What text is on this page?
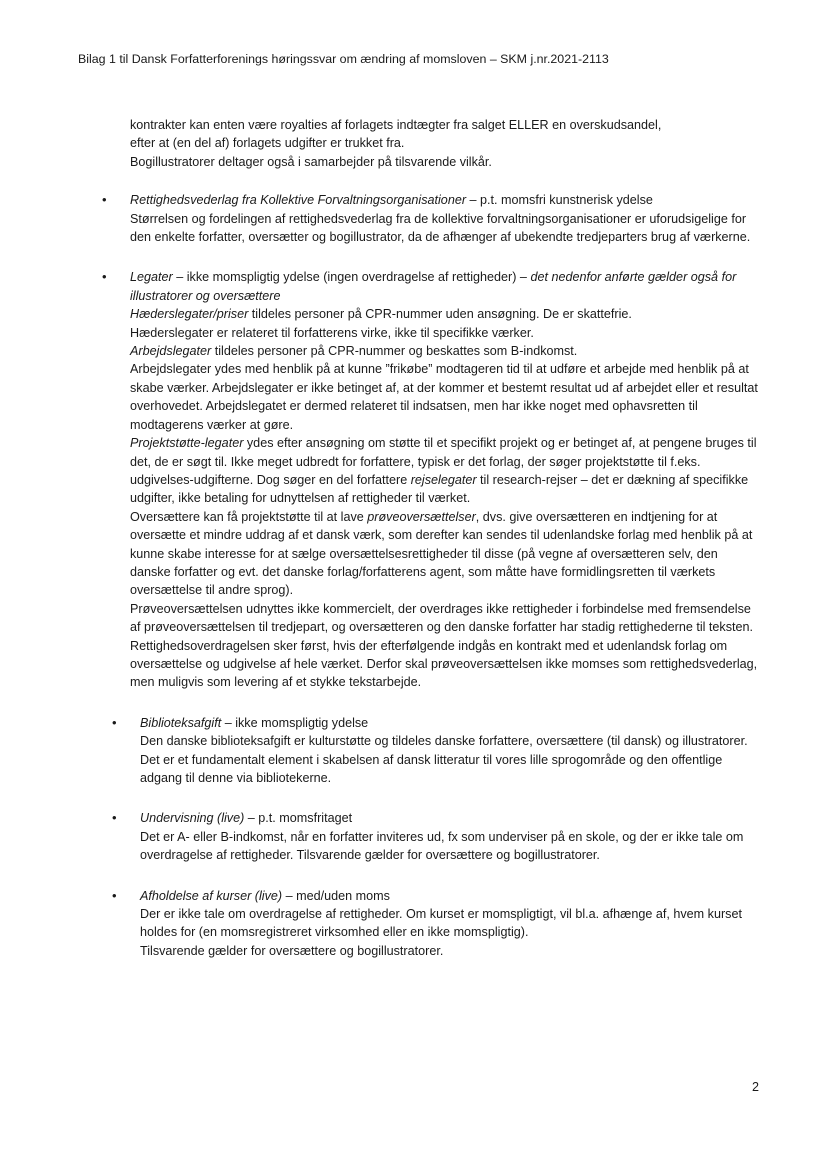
Bilag 1 til Dansk Forfatterforenings høringssvar om ændring af momsloven – SKM j.nr.2021-2113

kontrakter kan enten være royalties af forlagets indtægter fra salget ELLER en overskudsandel,

efter at (en del af) forlagets udgifter er trukket fra.

Bogillustratorer deltager også i samarbejder på tilsvarende vilkår.

• Rettighedsvederlag fra Kollektive Forvaltningsorganisationer – p.t. momsfri kunstnerisk ydelse

Størrelsen og fordelingen af rettighedsvederlag fra de kollektive forvaltningsorganisationer er uforudsigelige for den enkelte forfatter, oversætter og bogillustrator, da de afhænger af ubekendte tredjeparters brug af værkerne.

• Legater – ikke momspligtig ydelse (ingen overdragelse af rettigheder) – det nedenfor anførte gælder også for illustratorer og oversættere

Hæderslegater/priser tildeles personer på CPR-nummer uden ansøgning. De er skattefrie.

Hæderslegater er relateret til forfatterens virke, ikke til specifikke værker.

Arbejdslegater tildeles personer på CPR-nummer og beskattes som B-indkomst.

Arbejdslegater ydes med henblik på at kunne ”frikøbe” modtageren tid til at udføre et arbejde med henblik på at skabe værker. Arbejdslegater er ikke betinget af, at der kommer et bestemt resultat ud af arbejdet eller et resultat overhovedet. Arbejdslegatet er dermed relateret til indsatsen, men har ikke noget med ophavsretten til modtagerens værker at gøre.

Projektstøtte-legater ydes efter ansøgning om støtte til et specifikt projekt og er betinget af, at pengene bruges til det, de er søgt til. Ikke meget udbredt for forfattere, typisk er det forlag, der søger projektstøtte til f.eks. udgivelses-udgifterne. Dog søger en del forfattere rejselegater til research-rejser – det er dækning af specifikke udgifter, ikke betaling for udnyttelsen af rettigheder til værket.

Oversættere kan få projektstøtte til at lave prøveoversættelser, dvs. give oversætteren en indtjening for at oversætte et mindre uddrag af et dansk værk, som derefter kan sendes til udenlandske forlag med henblik på at kunne skabe interesse for at sælge oversættelsesrettigheder til disse (på vegne af oversætteren selv, den danske forfatter og evt. det danske forlag/forfatterens agent, som måtte have formidlingsretten til værkets oversættelse til andre sprog).

Prøveoversættelsen udnyttes ikke kommercielt, der overdrages ikke rettigheder i forbindelse med fremsendelse af prøveoversættelsen til tredjepart, og oversætteren og den danske forfatter har stadig rettighederne til teksten. Rettighedsoverdragelsen sker først, hvis der efterfølgende indgås en kontrakt med et udenlandsk forlag om oversættelse og udgivelse af hele værket. Derfor skal prøveoversættelsen ikke momses som rettighedsvederlag, men muligvis som levering af et stykke tekstarbejde.

• Biblioteksafgift – ikke momspligtig ydelse

Den danske biblioteksafgift er kulturstøtte og tildeles danske forfattere, oversættere (til dansk) og illustratorer. Det er et fundamentalt element i skabelsen af dansk litteratur til vores lille sprogområde og den offentlige adgang til denne via bibliotekerne.

• Undervisning (live) – p.t. momsfritaget

Det er A- eller B-indkomst, når en forfatter inviteres ud, fx som underviser på en skole, og der er ikke tale om overdragelse af rettigheder. Tilsvarende gælder for oversættere og bogillustratorer.

• Afholdelse af kurser (live) – med/uden moms

Der er ikke tale om overdragelse af rettigheder. Om kurset er momspligtigt, vil bl.a. afhænge af, hvem kurset holdes for (en momsregistreret virksomhed eller en ikke momspligtig).

Tilsvarende gælder for oversættere og bogillustratorer.

2
